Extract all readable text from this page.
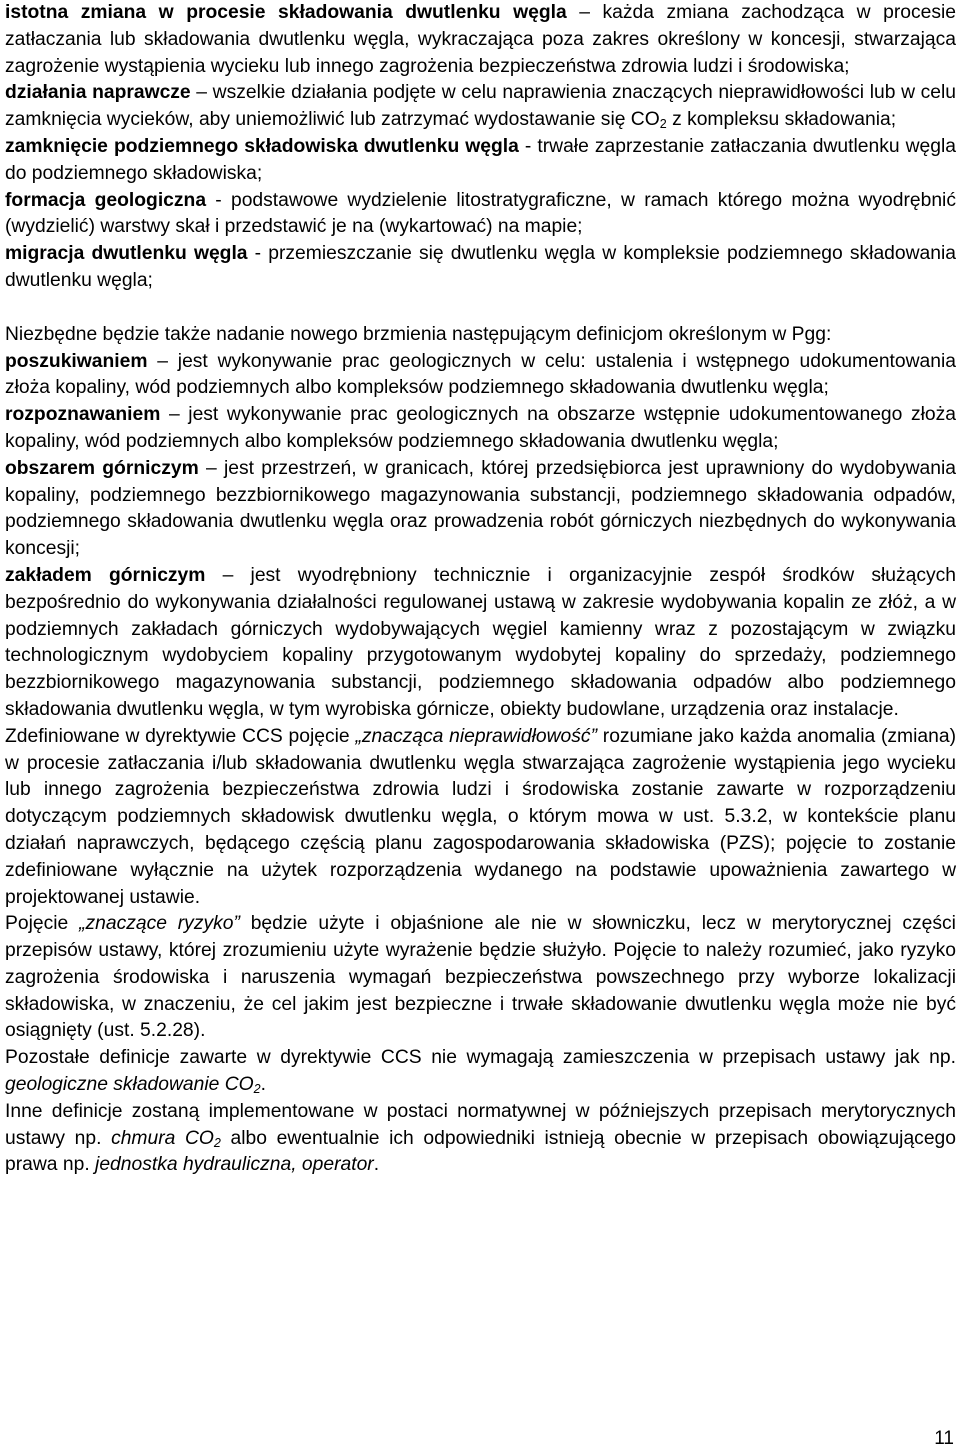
istotna zmiana w procesie składowania dwutlenku węgla – każda zmiana zachodząca w procesie zatłaczania lub składowania dwutlenku węgla, wykraczająca poza zakres określony w koncesji, stwarzająca zagrożenie wystąpienia wycieku lub innego zagrożenia bezpieczeństwa zdrowia ludzi i środowiska;

działania naprawcze – wszelkie działania podjęte w celu naprawienia znaczących nieprawidłowości lub w celu zamknięcia wycieków, aby uniemożliwić lub zatrzymać wydostawanie się $CO_2$ z kompleksu składowania;

zamknięcie podziemnego składowiska dwutlenku węgla - trwałe zaprzestanie zatłaczania dwutlenku węgla do podziemnego składowiska;

formacja geologiczna - podstawowe wydzielenie litostratygraficzne, w ramach którego można wyodrębnić (wydzielić) warstwy skał i przedstawić je na (wykartować) na mapie;

migracja dwutlenku węgla - przemieszczanie się dwutlenku węgla w kompleksie podziemnego składowania dwutlenku węgla;

Niezbędne będzie także nadanie nowego brzmienia następującym definicjom określonym w Pgg:

poszukiwaniem – jest wykonywanie prac geologicznych w celu: ustalenia i wstępnego udokumentowania złoża kopaliny, wód podziemnych albo kompleksów podziemnego składowania dwutlenku węgla;

rozpoznawaniem – jest wykonywanie prac geologicznych na obszarze wstępnie udokumentowanego złoża kopaliny, wód podziemnych albo kompleksów podziemnego składowania dwutlenku węgla;

obszarem górniczym – jest przestrzeń, w granicach, której przedsiębiorca jest uprawniony do wydobywania kopaliny, podziemnego bezzbiornikowego magazynowania substancji, podziemnego składowania odpadów, podziemnego składowania dwutlenku węgla oraz prowadzenia robót górniczych niezbędnych do wykonywania koncesji;

zakładem górniczym – jest wyodrębniony technicznie i organizacyjnie zespół środków służących bezpośrednio do wykonywania działalności regulowanej ustawą w zakresie wydobywania kopalin ze złóż, a w podziemnych zakładach górniczych wydobywających węgiel kamienny wraz z pozostającym w związku technologicznym wydobyciem kopaliny przygotowanym wydobytej kopaliny do sprzedaży, podziemnego bezzbiornikowego magazynowania substancji, podziemnego składowania odpadów albo podziemnego składowania dwutlenku węgla, w tym wyrobiska górnicze, obiekty budowlane, urządzenia oraz instalacje.

Zdefiniowane w dyrektywie CCS pojęcie „znacząca nieprawidłowość” rozumiane jako każda anomalia (zmiana) w procesie zatłaczania i/lub składowania dwutlenku węgla stwarzająca zagrożenie wystąpienia jego wycieku lub innego zagrożenia bezpieczeństwa zdrowia ludzi i środowiska zostanie zawarte w rozporządzeniu dotyczącym podziemnych składowisk dwutlenku węgla, o którym mowa w ust. 5.3.2, w kontekście planu działań naprawczych, będącego częścią planu zagospodarowania składowiska (PZS); pojęcie to zostanie zdefiniowane wyłącznie na użytek rozporządzenia wydanego na podstawie upoważnienia zawartego w projektowanej ustawie.

Pojęcie „znaczące ryzyko” będzie użyte i objaśnione ale nie w słowniczku, lecz w merytorycznej części przepisów ustawy, której zrozumieniu użyte wyrażenie będzie służyło. Pojęcie to należy rozumieć, jako ryzyko zagrożenia środowiska i naruszenia wymagań bezpieczeństwa powszechnego przy wyborze lokalizacji składowiska, w znaczeniu, że cel jakim jest bezpieczne i trwałe składowanie dwutlenku węgla może nie być osiągnięty (ust. 5.2.28).

Pozostałe definicje zawarte w dyrektywie CCS nie wymagają zamieszczenia w przepisach ustawy jak np. geologiczne składowanie $CO_2$.

Inne definicje zostaną implementowane w postaci normatywnej w późniejszych przepisach merytorycznych ustawy np. chmura $CO_2$ albo ewentualnie ich odpowiedniki istnieją obecnie w przepisach obowiązującego prawa np. jednostka hydrauliczna, operator.

11
